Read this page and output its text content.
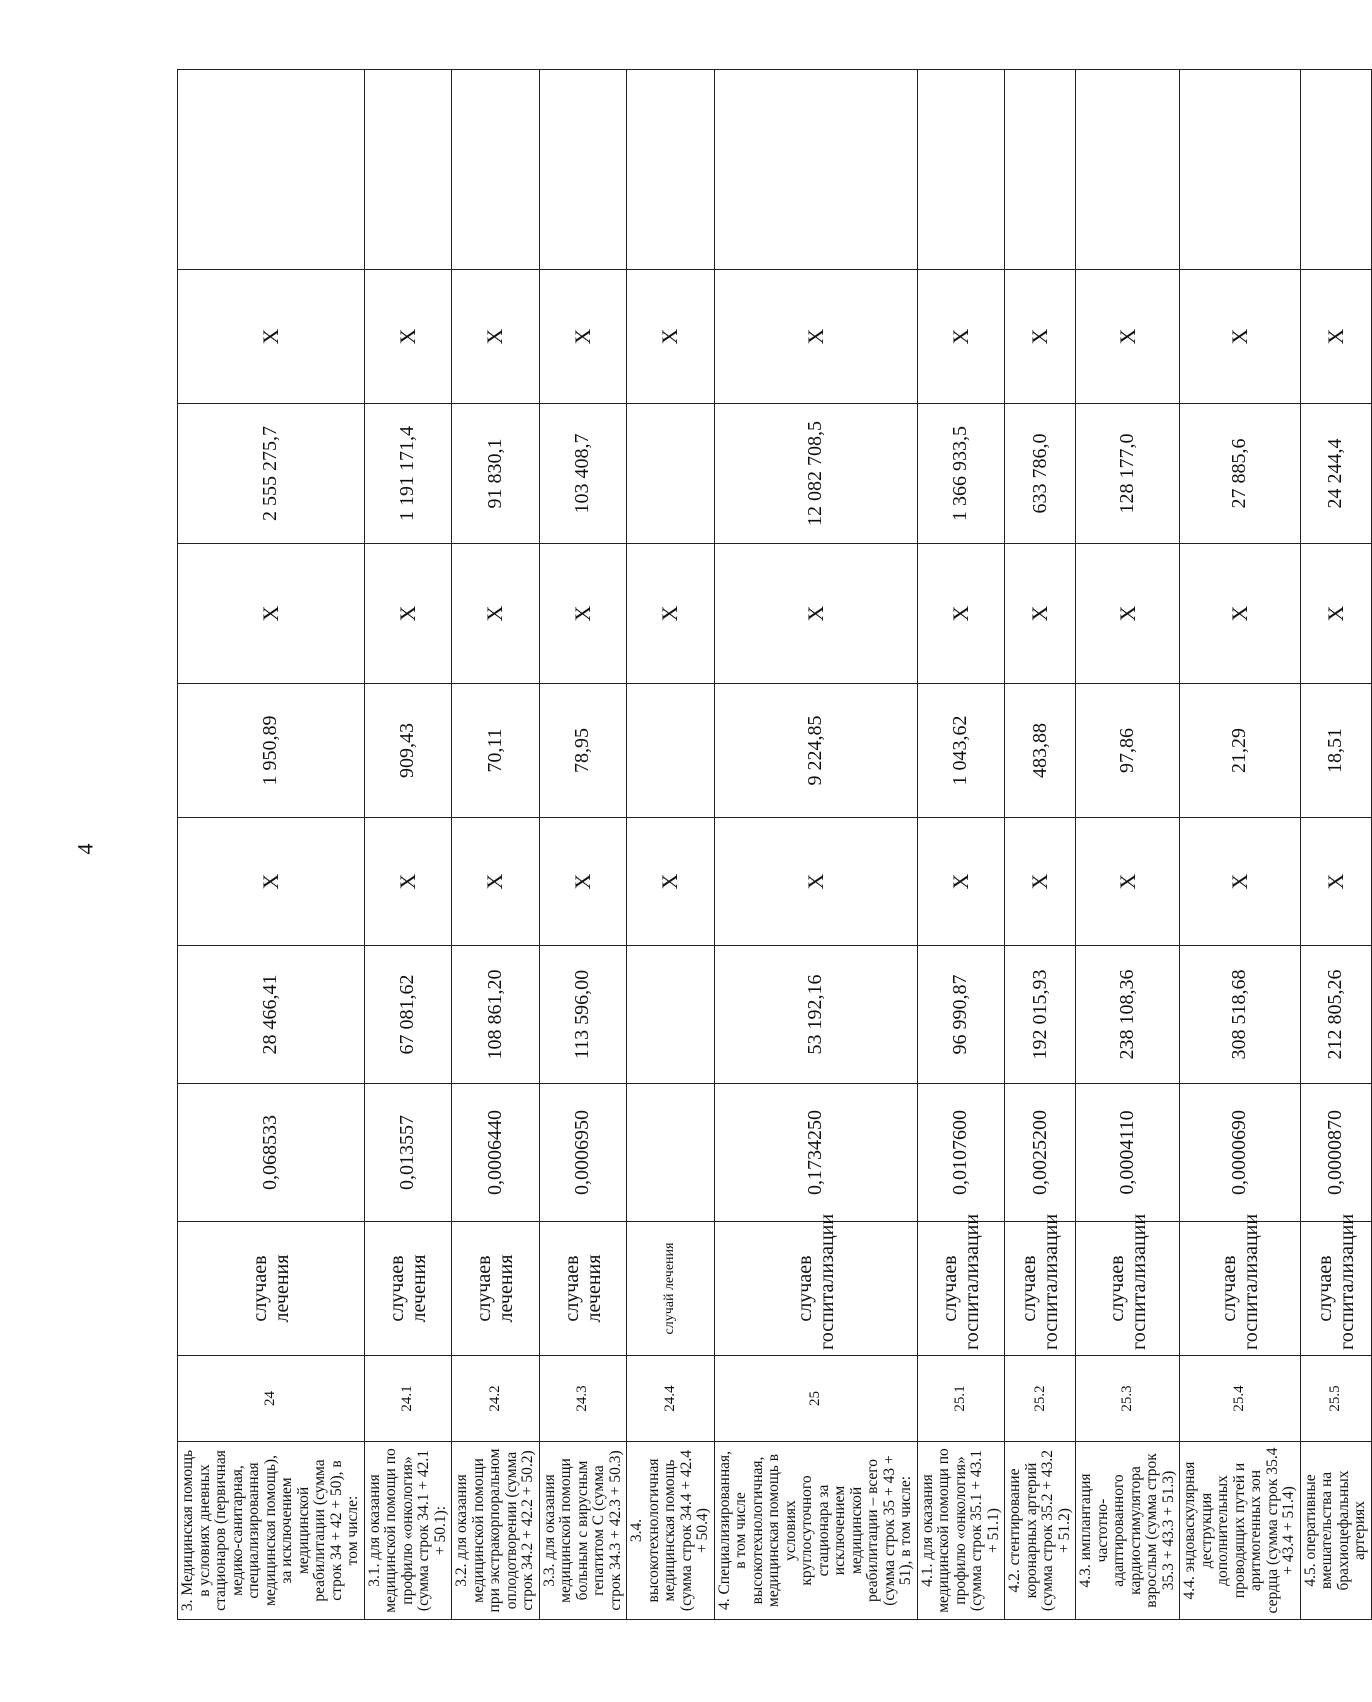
4
3. Медицинская помощь в условиях дневных стационаров (первичная медико-санитарная, специализированная медицинская помощь), за исключением медицинской реабилитации (сумма строк 34 + 42 + 50), в том числе:	24	случаев лечения	0,068533	28 466,41	Х	1 950,89	Х	2 555 275,7	Х	
3.1. для оказания медицинской помощи по профилю «онкология» (сумма строк 34.1 + 42.1 + 50.1):	24.1	случаев лечения	0,013557	67 081,62	Х	909,43	Х	1 191 171,4	Х	
3.2. для оказания медицинской помощи при экстракорпоральном оплодотворении (сумма строк 34.2 + 42.2 + 50.2)	24.2	случаев лечения	0,0006440	108 861,20	Х	70,11	Х	91 830,1	Х	
3.3. для оказания медицинской помощи больным с вирусным гепатитом С (сумма строк 34.3 + 42.3 + 50.3)	24.3	случаев лечения	0,0006950	113 596,00	Х	78,95	Х	103 408,7	Х	
3.4. высокотехнологичная медицинская помощь (сумма строк 34.4 + 42.4 + 50.4)	24.4	случай лечения			Х		Х		Х	
4. Специализированная, в том числе высокотехнологичная, медицинская помощь в условиях круглосуточного стационара за исключением медицинской реабилитации – всего (сумма строк 35 + 43 + 51), в том числе:	25	случаев госпитализации	0,1734250	53 192,16	Х	9 224,85	Х	12 082 708,5	Х	
4.1. для оказания медицинской помощи по профилю «онкология» (сумма строк 35.1 + 43.1 + 51.1)	25.1	случаев госпитализации	0,0107600	96 990,87	Х	1 043,62	Х	1 366 933,5	Х	
4.2. стентирование коронарных артерий (сумма строк 35.2 + 43.2 + 51.2)	25.2	случаев госпитализации	0,0025200	192 015,93	Х	483,88	Х	633 786,0	Х	
4.3. имплантация частотно-адаптированного кардиостимулятора взрослым (сумма строк 35.3 + 43.3 + 51.3)	25.3	случаев госпитализации	0,0004110	238 108,36	Х	97,86	Х	128 177,0	Х	
4.4. эндоваскулярная деструкция дополнительных проводящих путей и аритмогенных зон сердца (сумма строк 35.4 + 43.4 + 51.4)	25.4	случаев госпитализации	0,0000690	308 518,68	Х	21,29	Х	27 885,6	Х	
4.5. оперативные вмешательства на брахиоцефальных артериях	25.5	случаев госпитализации	0,0000870	212 805,26	Х	18,51	Х	24 244,4	Х	
